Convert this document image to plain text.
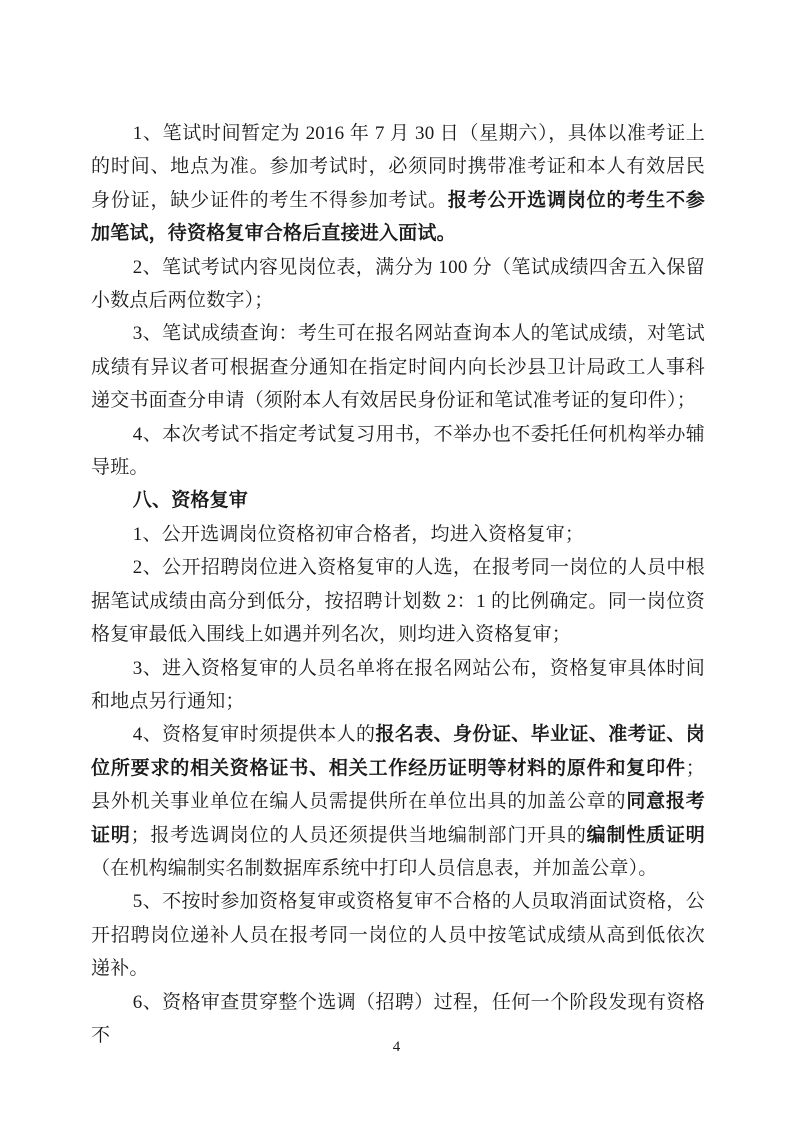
1、笔试时间暂定为 2016 年 7 月 30 日（星期六），具体以准考证上的时间、地点为准。参加考试时，必须同时携带准考证和本人有效居民身份证，缺少证件的考生不得参加考试。报考公开选调岗位的考生不参加笔试，待资格复审合格后直接进入面试。

2、笔试考试内容见岗位表，满分为 100 分（笔试成绩四舍五入保留小数点后两位数字）；

3、笔试成绩查询：考生可在报名网站查询本人的笔试成绩，对笔试成绩有异议者可根据查分通知在指定时间内向长沙县卫计局政工人事科递交书面查分申请（须附本人有效居民身份证和笔试准考证的复印件）；

4、本次考试不指定考试复习用书，不举办也不委托任何机构举办辅导班。

八、资格复审

1、公开选调岗位资格初审合格者，均进入资格复审；

2、公开招聘岗位进入资格复审的人选，在报考同一岗位的人员中根据笔试成绩由高分到低分，按招聘计划数 2：1 的比例确定。同一岗位资格复审最低入围线上如遇并列名次，则均进入资格复审；

3、进入资格复审的人员名单将在报名网站公布，资格复审具体时间和地点另行通知；

4、资格复审时须提供本人的报名表、身份证、毕业证、准考证、岗位所要求的相关资格证书、相关工作经历证明等材料的原件和复印件；县外机关事业单位在编人员需提供所在单位出具的加盖公章的同意报考证明；报考选调岗位的人员还须提供当地编制部门开具的编制性质证明（在机构编制实名制数据库系统中打印人员信息表，并加盖公章）。

5、不按时参加资格复审或资格复审不合格的人员取消面试资格，公开招聘岗位递补人员在报考同一岗位的人员中按笔试成绩从高到低依次递补。

6、资格审查贯穿整个选调（招聘）过程，任何一个阶段发现有资格不

4
